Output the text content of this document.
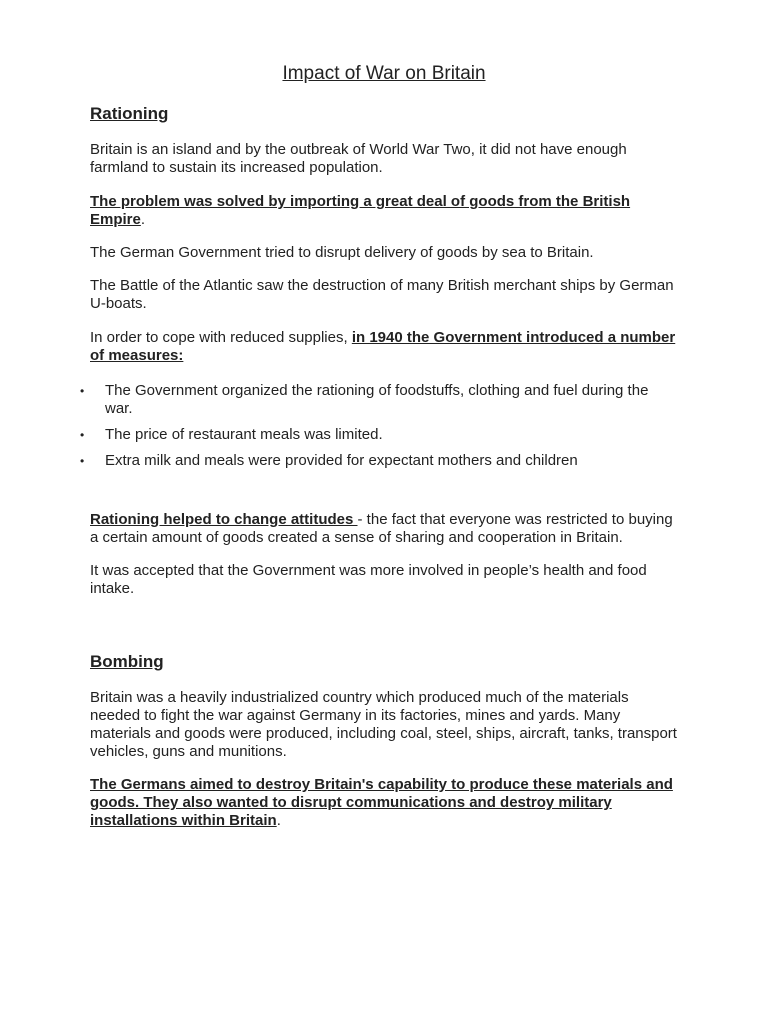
Impact of War on Britain
Rationing

Britain is an island and by the outbreak of World War Two, it did not have enough farmland to sustain its increased population.

The problem was solved by importing a great deal of goods from the British Empire.

The German Government tried to disrupt delivery of goods by sea to Britain.

The Battle of the Atlantic saw the destruction of many British merchant ships by German U-boats.

In order to cope with reduced supplies, in 1940 the Government introduced a number of measures:

• The Government organized the rationing of foodstuffs, clothing and fuel during the war.
• The price of restaurant meals was limited.
• Extra milk and meals were provided for expectant mothers and children

Rationing helped to change attitudes - the fact that everyone was restricted to buying a certain amount of goods created a sense of sharing and cooperation in Britain.

It was accepted that the Government was more involved in people’s health and food intake.

Bombing

Britain was a heavily industrialized country which produced much of the materials needed to fight the war against Germany in its factories, mines and yards. Many materials and goods were produced, including coal, steel, ships, aircraft, tanks, transport vehicles, guns and munitions.

The Germans aimed to destroy Britain's capability to produce these materials and goods. They also wanted to disrupt communications and destroy military installations within Britain.
